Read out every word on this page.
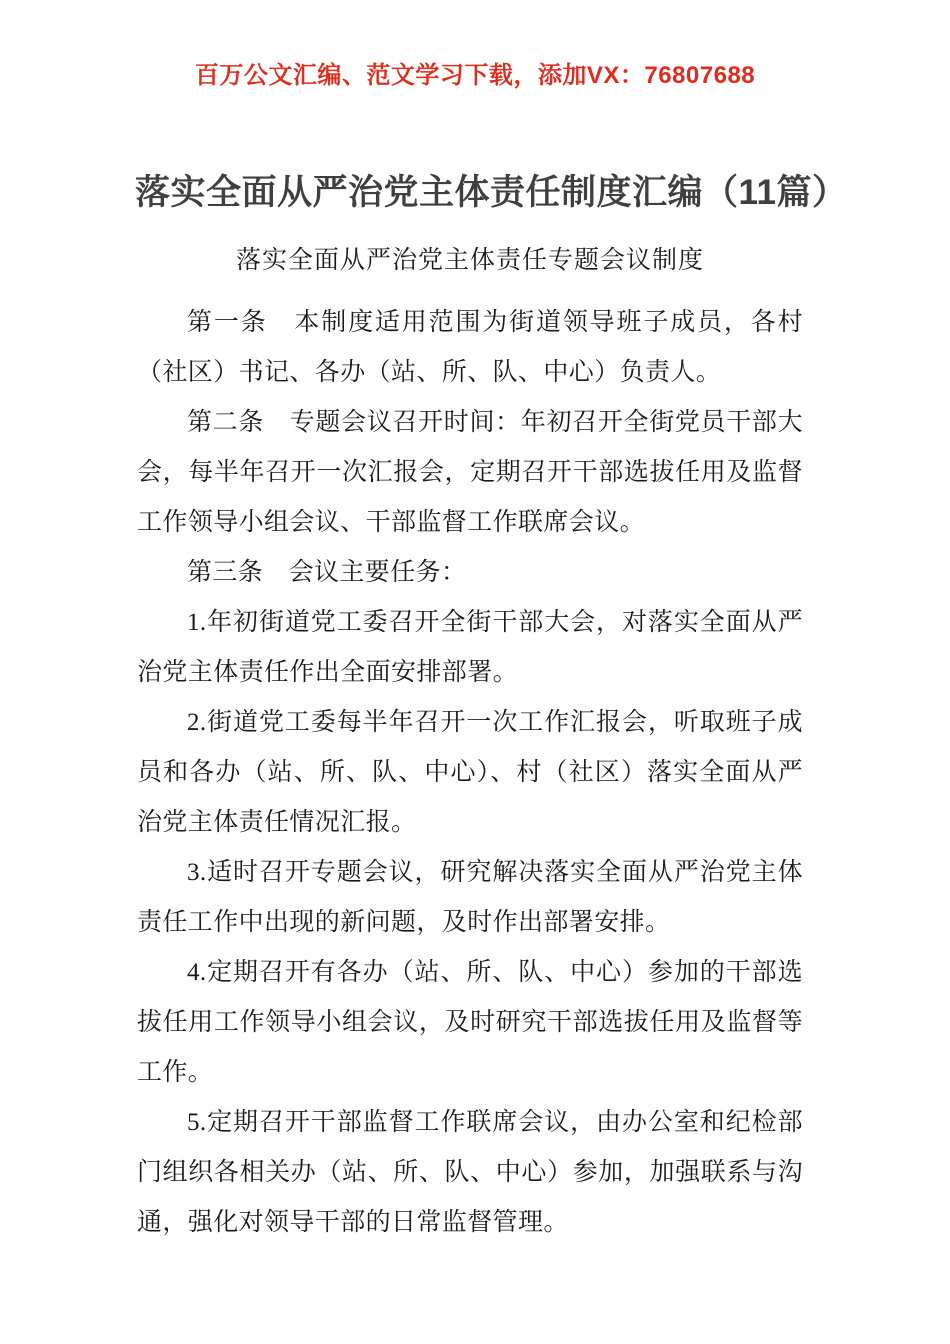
百万公文汇编、范文学习下载，添加VX：76807688
落实全面从严治党主体责任制度汇编（11篇）
落实全面从严治党主体责任专题会议制度

第一条　本制度适用范围为街道领导班子成员，各村（社区）书记、各办（站、所、队、中心）负责人。

第二条　专题会议召开时间：年初召开全街党员干部大会，每半年召开一次汇报会，定期召开干部选拔任用及监督工作领导小组会议、干部监督工作联席会议。

第三条　会议主要任务：

1.年初街道党工委召开全街干部大会，对落实全面从严治党主体责任作出全面安排部署。

2.街道党工委每半年召开一次工作汇报会，听取班子成员和各办（站、所、队、中心）、村（社区）落实全面从严治党主体责任情况汇报。

3.适时召开专题会议，研究解决落实全面从严治党主体责任工作中出现的新问题，及时作出部署安排。

4.定期召开有各办（站、所、队、中心）参加的干部选拔任用工作领导小组会议，及时研究干部选拔任用及监督等工作。

5.定期召开干部监督工作联席会议，由办公室和纪检部门组织各相关办（站、所、队、中心）参加，加强联系与沟通，强化对领导干部的日常监督管理。
